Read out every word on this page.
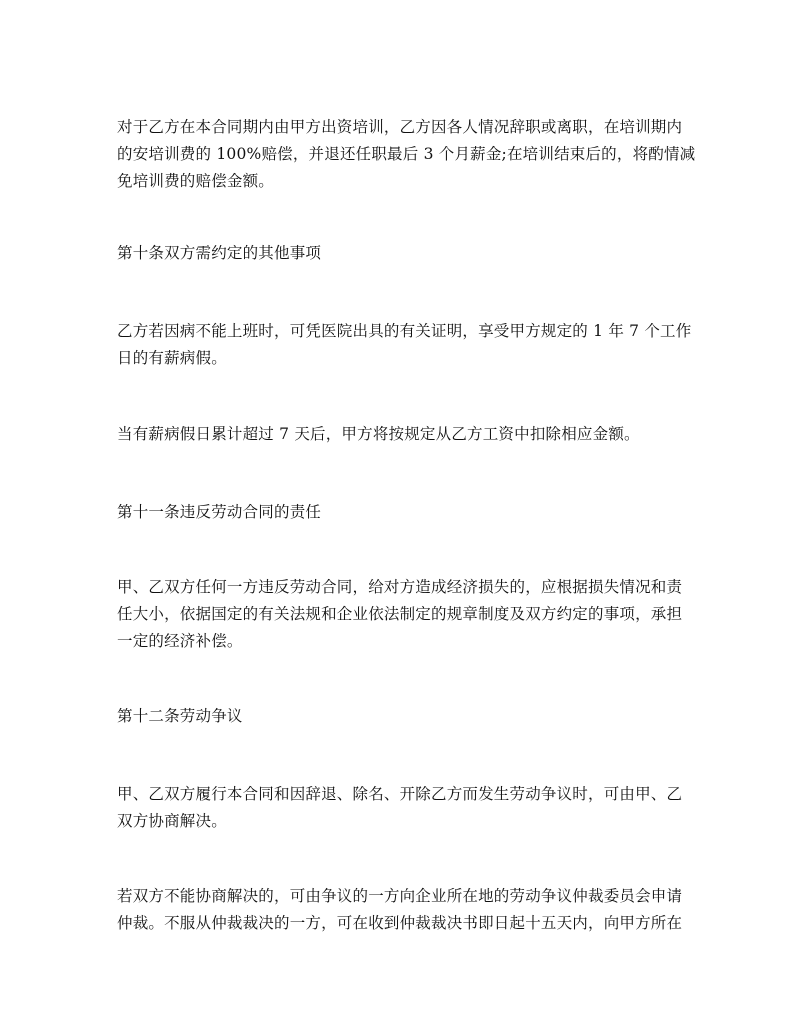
对于乙方在本合同期内由甲方出资培训，乙方因各人情况辞职或离职，在培训期内
的安培训费的 100%赔偿，并退还任职最后 3 个月薪金;在培训结束后的，将酌情减
免培训费的赔偿金额。

第十条双方需约定的其他事项

乙方若因病不能上班时，可凭医院出具的有关证明，享受甲方规定的 1 年 7 个工作
日的有薪病假。

当有薪病假日累计超过 7 天后，甲方将按规定从乙方工资中扣除相应金额。

第十一条违反劳动合同的责任

甲、乙双方任何一方违反劳动合同，给对方造成经济损失的，应根据损失情况和责
任大小，依据国定的有关法规和企业依法制定的规章制度及双方约定的事项，承担
一定的经济补偿。

第十二条劳动争议

甲、乙双方履行本合同和因辞退、除名、开除乙方而发生劳动争议时，可由甲、乙
双方协商解决。

若双方不能协商解决的，可由争议的一方向企业所在地的劳动争议仲裁委员会申请
仲裁。不服从仲裁裁决的一方，可在收到仲裁裁决书即日起十五天内，向甲方所在
